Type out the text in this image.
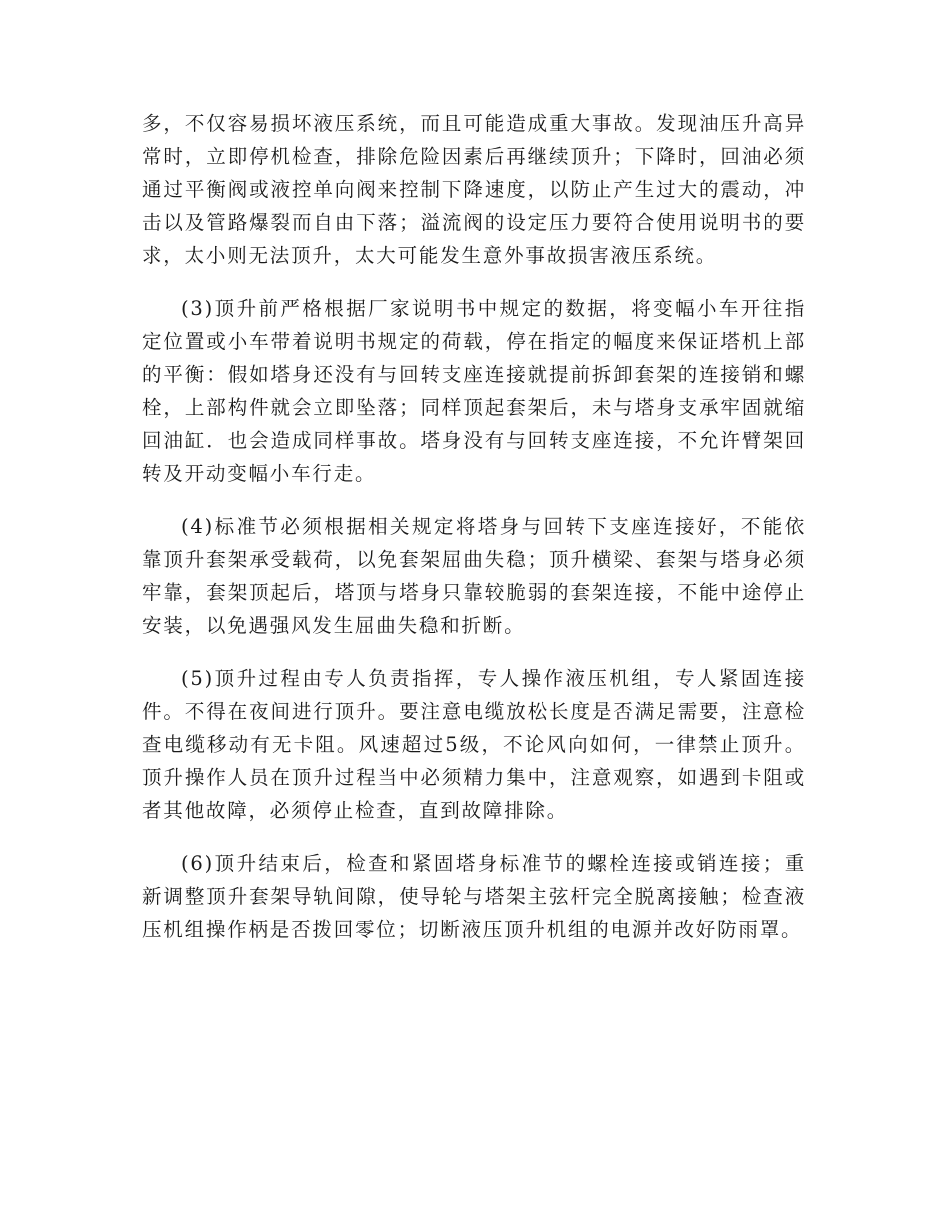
多，不仅容易损坏液压系统，而且可能造成重大事故。发现油压升高异常时，立即停机检查，排除危险因素后再继续顶升；下降时，回油必须通过平衡阀或液控单向阀来控制下降速度，以防止产生过大的震动，冲击以及管路爆裂而自由下落；溢流阀的设定压力要符合使用说明书的要求，太小则无法顶升，太大可能发生意外事故损害液压系统。

(3)顶升前严格根据厂家说明书中规定的数据，将变幅小车开往指定位置或小车带着说明书规定的荷载，停在指定的幅度来保证塔机上部的平衡：假如塔身还没有与回转支座连接就提前拆卸套架的连接销和螺栓，上部构件就会立即坠落；同样顶起套架后，未与塔身支承牢固就缩回油缸．也会造成同样事故。塔身没有与回转支座连接，不允许臂架回转及开动变幅小车行走。

(4)标准节必须根据相关规定将塔身与回转下支座连接好，不能依靠顶升套架承受载荷，以免套架屈曲失稳；顶升横梁、套架与塔身必须牢靠，套架顶起后，塔顶与塔身只靠较脆弱的套架连接，不能中途停止安装，以免遇强风发生屈曲失稳和折断。

(5)顶升过程由专人负责指挥，专人操作液压机组，专人紧固连接件。不得在夜间进行顶升。要注意电缆放松长度是否满足需要，注意检查电缆移动有无卡阻。风速超过5级，不论风向如何，一律禁止顶升。顶升操作人员在顶升过程当中必须精力集中，注意观察，如遇到卡阻或者其他故障，必须停止检查，直到故障排除。

(6)顶升结束后，检查和紧固塔身标准节的螺栓连接或销连接；重新调整顶升套架导轨间隙，使导轮与塔架主弦杆完全脱离接触；检查液压机组操作柄是否拨回零位；切断液压顶升机组的电源并改好防雨罩。
